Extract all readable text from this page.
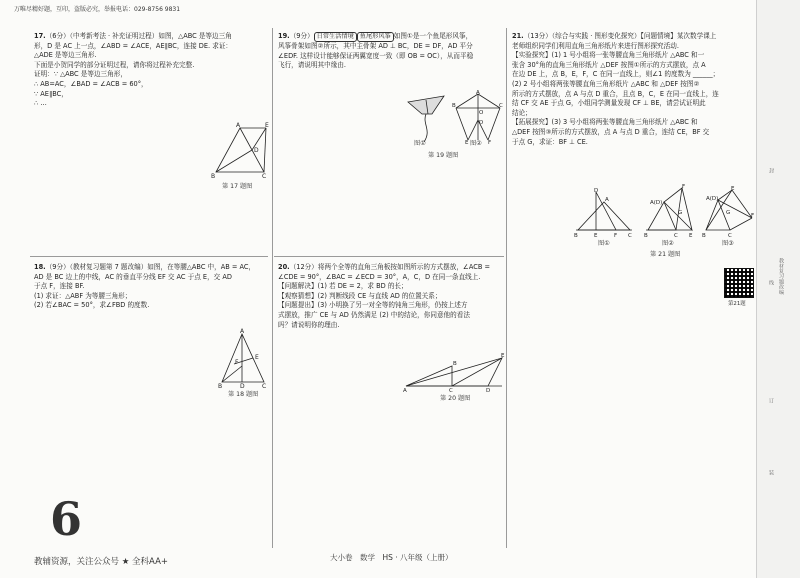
万唯尽精好题，互印，盗版必究，举报电话：029-8756 9831

17.（6分）（中考新考法 · 补充证明过程）如图，△ABC 是等边三角

形，D 是 AC 上一点，∠ABD = ∠ACE，AE∥BC，连接 DE. 求证：

△ADE 是等边三角形.

下面是小贺同学的部分证明过程，请你将过程补充完整.

证明：∵ △ABC 是等边三角形，

∴ AB=AC，∠BAD = ∠ACB = 60°，

∵ AE∥BC，

∴ …

A	E
B	C
D
第 17 题图

18.（9分）（教材复习题第 7 题改编）如图，在等腰△ABC 中，AB = AC，

AD 是 BC 边上的中线，AC 的垂直平分线 EF 交 AC 于点 E，交 AD

于点 F，连接 BF.

(1) 求证：△ABF 为等腰三角形；

(2) 若∠BAC = 50°，求∠FBD 的度数.

A
E
F
B	D	C
第 18 题图
6
教辅资源，关注公众号 ★ 全科AA+

19.（9分） 日常生活情境 鱼尾形风筝 如图①是一个鱼尾形风筝，

风筝骨架如图②所示，其中主骨架 AD ⊥ BC，DE = DF，AD 平分

∠EDF. 这样设计能够保证两翼宽度一致（即 OB = OC），从而平稳

飞行，请说明其中缘由.

图①
A
B	C
O
E	F
D
图②
第 19 题图

20.（12分）将两个全等的直角三角板按如图所示的方式摆放，∠ACB =

∠CDE = 90°，∠BAC = ∠ECD = 30°，A，C，D 在同一条直线上.

【问题解决】(1) 若 DE = 2，求 BD 的长；

【观察猜想】(2) 判断线段 CE 与直线 AD 的位置关系；

【问题提出】(3) 小明换了另一对全等的钝角三角形，仍按上述方

式摆放，推广 CE 与 AD 仍然满足 (2) 中的结论，你同意他的看法

吗？请说明你的理由.

A	C	D
B
E
第 20 题图
大小卷　数学　HS · 八年级（上册）

21.（13分）（综合与实践 · 图形变化探究）【问题情境】某次数学课上

老师组织同学们利用直角三角形纸片来进行图形探究活动.

【实验探究】(1) 1 号小组将一张等腰直角三角形纸片 △ABC 和一

张含 30°角的直角三角形纸片 △DEF 按图①所示的方式摆放，点 A

在边 DE 上，点 B，E，F，C 在同一直线上，则∠1 的度数为 ______；

(2) 2 号小组将两张等腰直角三角形纸片 △ABC 和 △DEF 按图②

所示的方式摆放，点 A 与点 D 重合，且点 B，C，E 在同一直线上，连

结 CF 交 AE 于点 G，小组同学测量发现 CF ⊥ BE，请尝试证明此

结论；

【拓展探究】(3) 3 号小组将两张等腰直角三角形纸片 △ABC 和

△DEF 按图③所示的方式摆放，点 A 与点 D 重合，连结 CE，BF 交

于点 G，求证：BF ⊥ CE.

D
A
B	E	F C
图①
F
A(D)
B	C E
G
图②
A(D)
E
F
B	C
G
图③
第 21 题图
第21题
封
线 教材复习题改编
订
装
